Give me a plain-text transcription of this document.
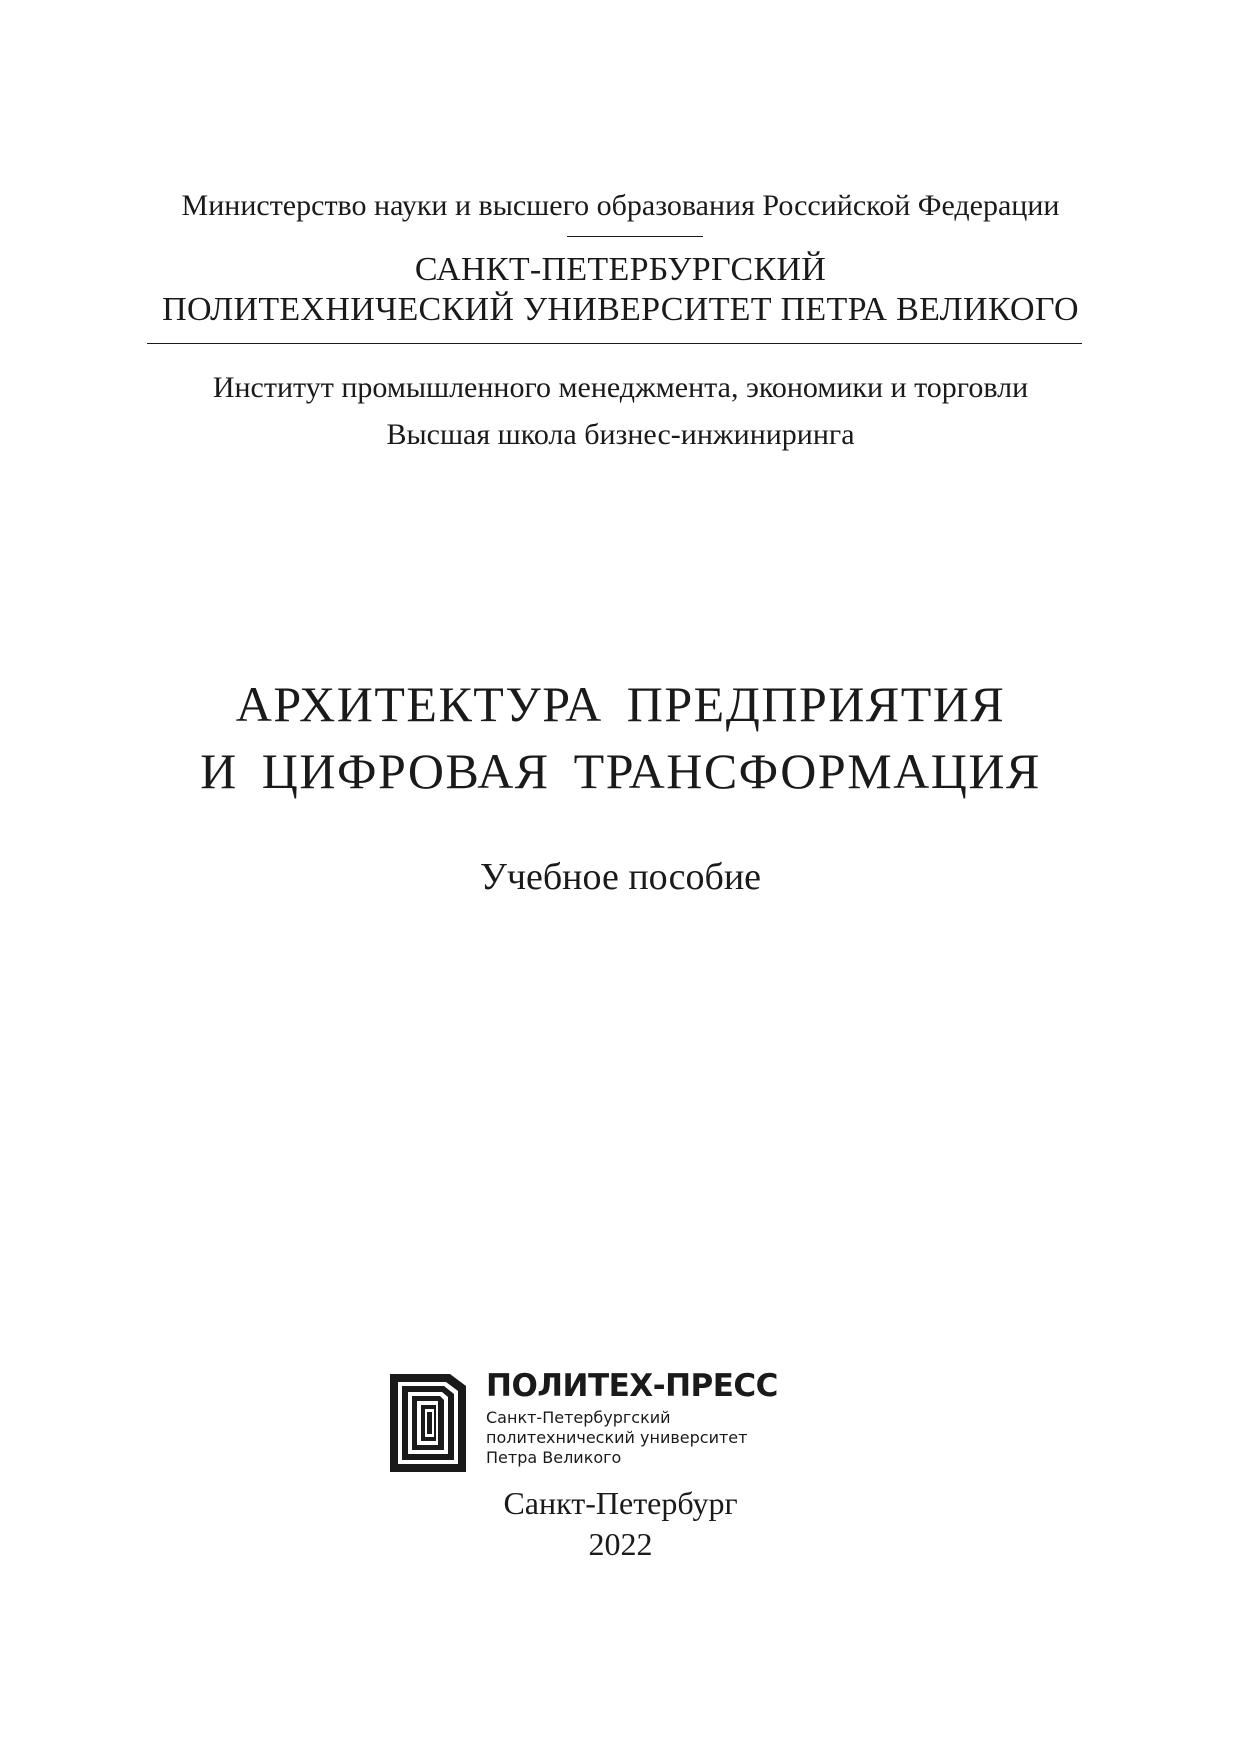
Министерство науки и высшего образования Российской Федерации
САНКТ-ПЕТЕРБУРГСКИЙ
ПОЛИТЕХНИЧЕСКИЙ УНИВЕРСИТЕТ ПЕТРА ВЕЛИКОГО
Институт промышленного менеджмента, экономики и торговли
Высшая школа бизнес-инжиниринга
АРХИТЕКТУРА ПРЕДПРИЯТИЯ
И ЦИФРОВАЯ ТРАНСФОРМАЦИЯ
Учебное пособие
ПОЛИТЕХ-ПРЕСС
Санкт-Петербургский
политехнический университет
Петра Великого
Санкт-Петербург
2022
